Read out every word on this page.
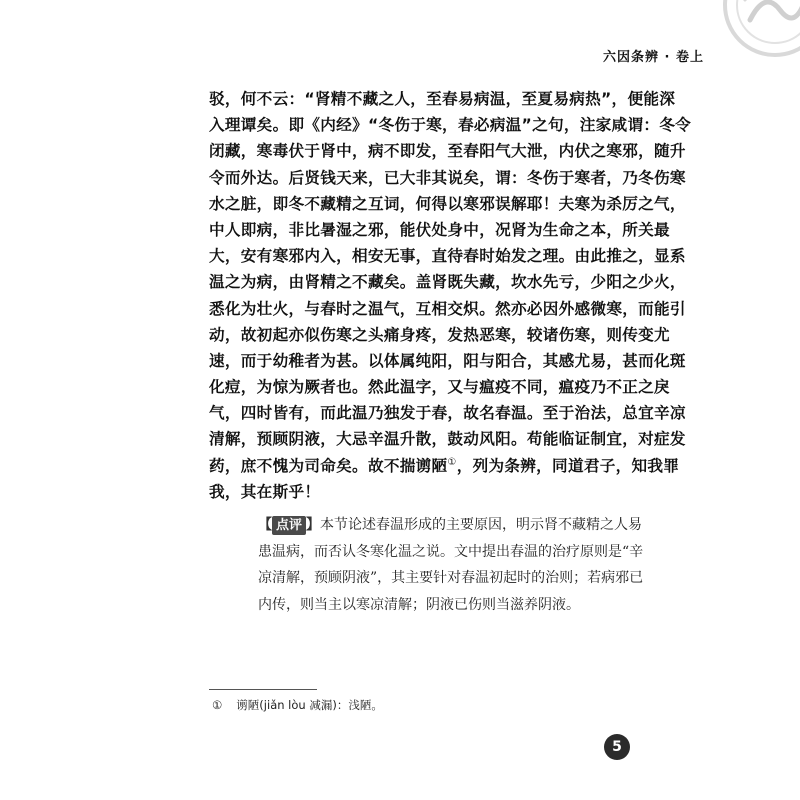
六因条辨 · 卷上
驳，何不云：“肾精不藏之人，至春易病温，至夏易病热”，便能深
入理谭矣。即《内经》“冬伤于寒，春必病温”之句，注家咸谓：冬令
闭藏，寒毒伏于肾中，病不即发，至春阳气大泄，内伏之寒邪，随升
令而外达。后贤钱天来，已大非其说矣，谓：冬伤于寒者，乃冬伤寒
水之脏，即冬不藏精之互词，何得以寒邪误解耶！夫寒为杀厉之气，
中人即病，非比暑湿之邪，能伏处身中，况肾为生命之本，所关最
大，安有寒邪内入，相安无事，直待春时始发之理。由此推之，显系
温之为病，由肾精之不藏矣。盖肾既失藏，坎水先亏，少阳之少火，
悉化为壮火，与春时之温气，互相交炽。然亦必因外感微寒，而能引
动，故初起亦似伤寒之头痛身疼，发热恶寒，较诸伤寒，则传变尤
速，而于幼稚者为甚。以体属纯阳，阳与阳合，其感尤易，甚而化斑
化痘，为惊为厥者也。然此温字，又与瘟疫不同，瘟疫乃不正之戾
气，四时皆有，而此温乃独发于春，故名春温。至于治法，总宜辛凉
清解，预顾阴液，大忌辛温升散，鼓动风阳。苟能临证制宜，对症发
药，庶不愧为司命矣。故不揣谫陋①，列为条辨，同道君子，知我罪
我，其在斯乎！
【 点评 】本节论述春温形成的主要原因，明示肾不藏精之人易
患温病，而否认冬寒化温之说。文中提出春温的治疗原则是“辛
凉清解，预顾阴液”，其主要针对春温初起时的治则；若病邪已
内传，则当主以寒凉清解；阴液已伤则当滋养阴液。
① 谫陋(jiǎn lòu 减漏)：浅陋。
5
